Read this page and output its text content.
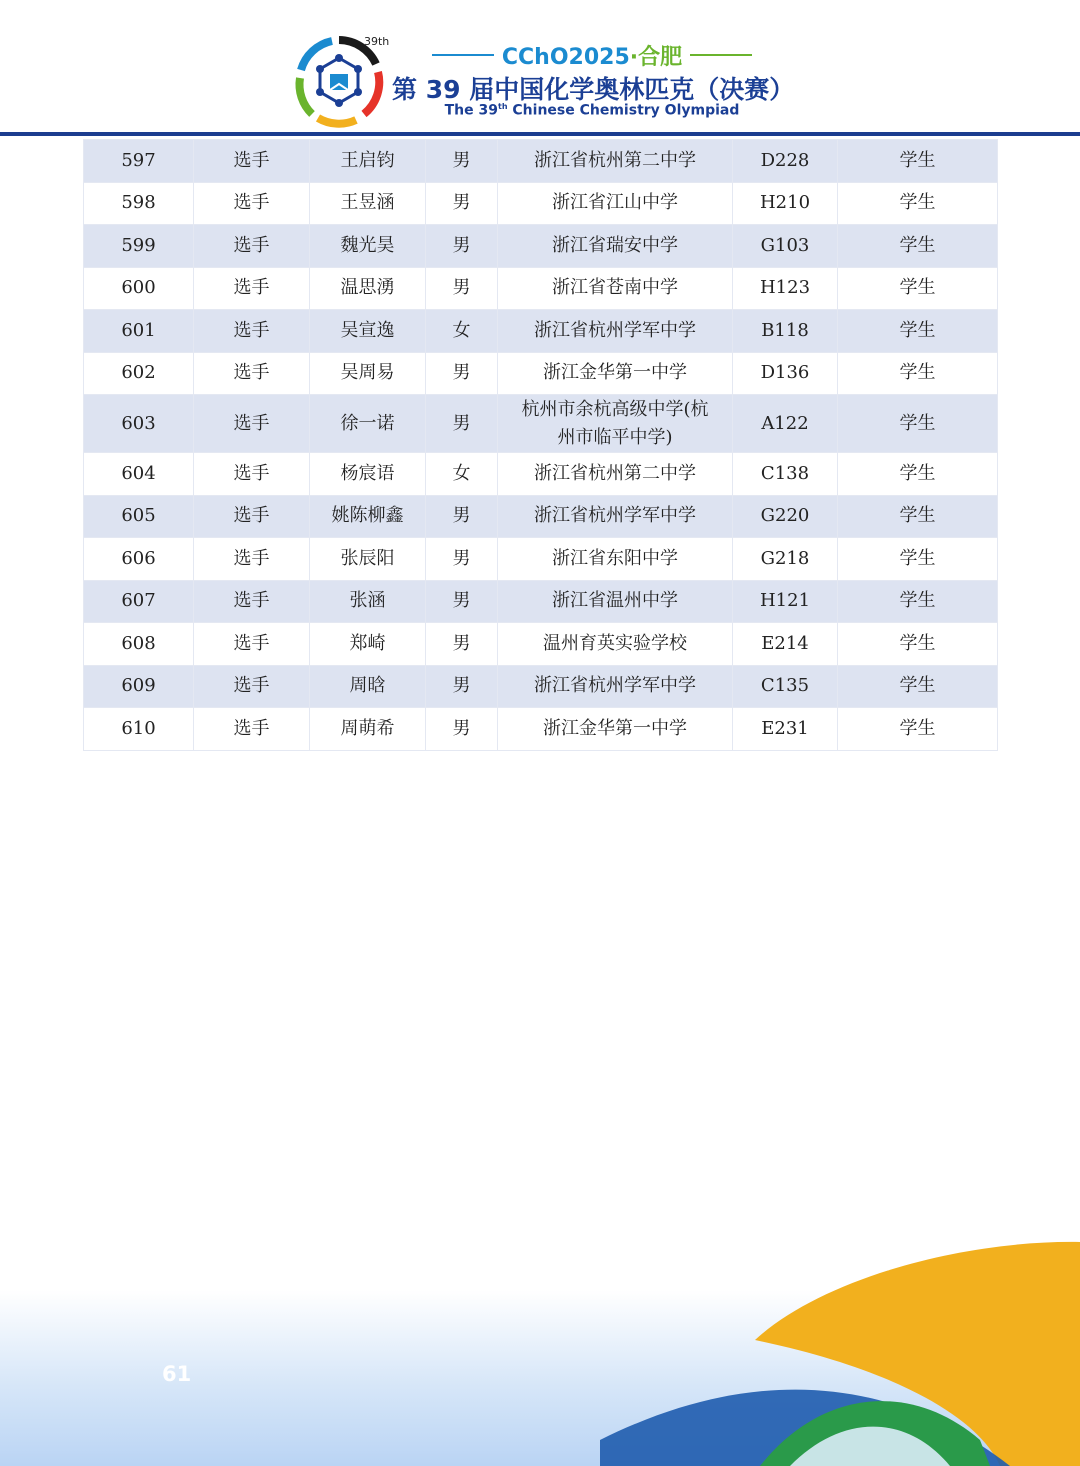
39th
CChO2025·合肥
第 39 届中国化学奥林匹克（决赛）
The 39th Chinese Chemistry Olympiad
597	选手	王启钧	男	浙江省杭州第二中学	D228	学生
598	选手	王昱涵	男	浙江省江山中学	H210	学生
599	选手	魏光昊	男	浙江省瑞安中学	G103	学生
600	选手	温思湧	男	浙江省苍南中学	H123	学生
601	选手	吴宣逸	女	浙江省杭州学军中学	B118	学生
602	选手	吴周易	男	浙江金华第一中学	D136	学生
603	选手	徐一诺	男	杭州市余杭高级中学(杭
州市临平中学)	A122	学生
604	选手	杨宸语	女	浙江省杭州第二中学	C138	学生
605	选手	姚陈柳鑫	男	浙江省杭州学军中学	G220	学生
606	选手	张辰阳	男	浙江省东阳中学	G218	学生
607	选手	张涵	男	浙江省温州中学	H121	学生
608	选手	郑崎	男	温州育英实验学校	E214	学生
609	选手	周晗	男	浙江省杭州学军中学	C135	学生
610	选手	周萌希	男	浙江金华第一中学	E231	学生
61
